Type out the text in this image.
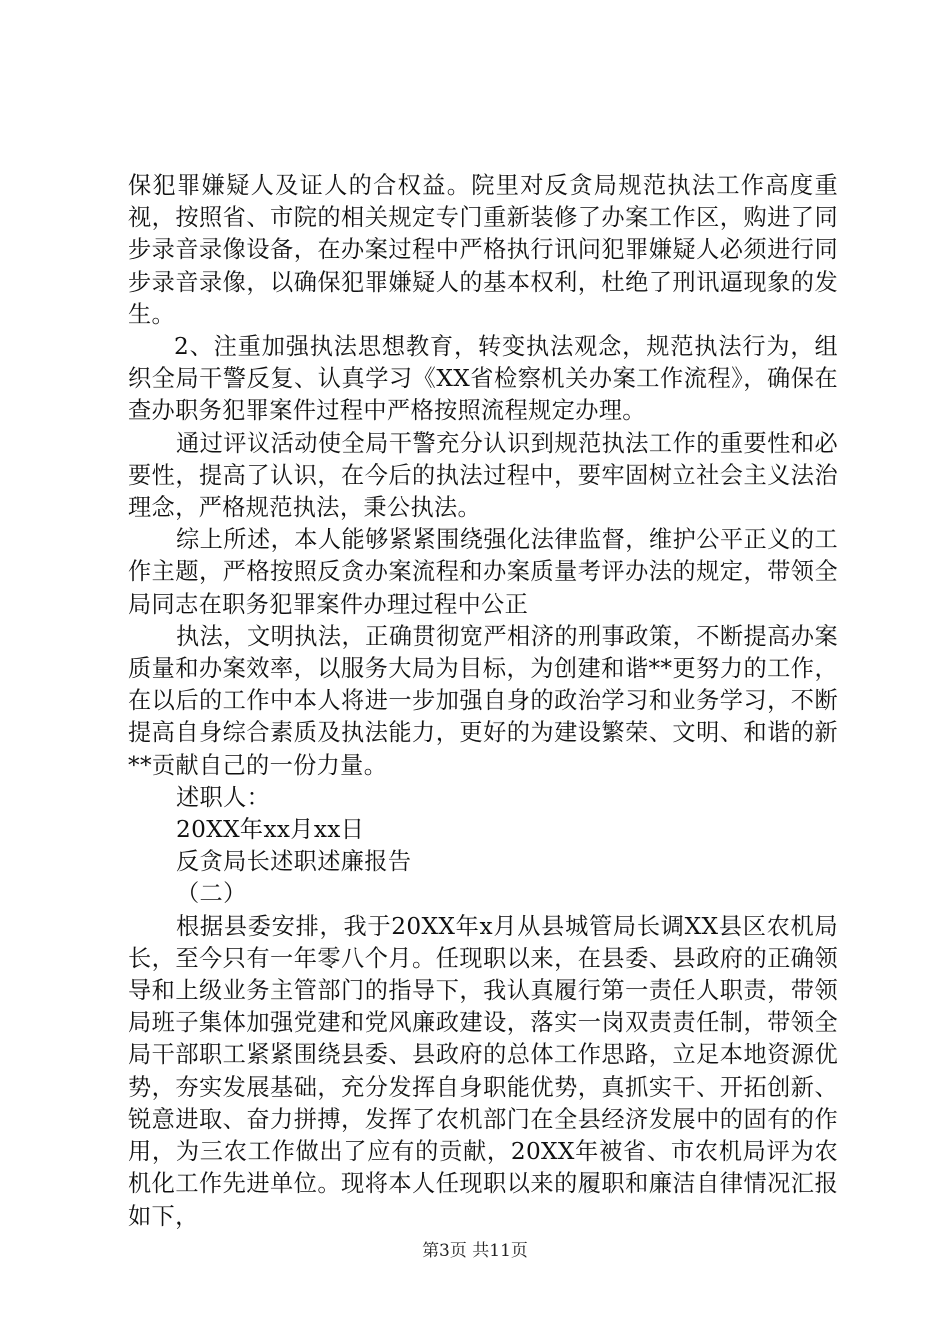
保犯罪嫌疑人及证人的合权益。院里对反贪局规范执法工作高度重视，按照省、市院的相关规定专门重新装修了办案工作区，购进了同步录音录像设备，在办案过程中严格执行讯问犯罪嫌疑人必须进行同步录音录像，以确保犯罪嫌疑人的基本权利，杜绝了刑讯逼现象的发生。

2、注重加强执法思想教育，转变执法观念，规范执法行为，组织全局干警反复、认真学习《XX省检察机关办案工作流程》，确保在查办职务犯罪案件过程中严格按照流程规定办理。

通过评议活动使全局干警充分认识到规范执法工作的重要性和必要性，提高了认识，在今后的执法过程中，要牢固树立社会主义法治理念，严格规范执法，秉公执法。

综上所述，本人能够紧紧围绕强化法律监督，维护公平正义的工作主题，严格按照反贪办案流程和办案质量考评办法的规定，带领全局同志在职务犯罪案件办理过程中公正

执法，文明执法，正确贯彻宽严相济的刑事政策，不断提高办案质量和办案效率，以服务大局为目标，为创建和谐**更努力的工作，在以后的工作中本人将进一步加强自身的政治学习和业务学习，不断提高自身综合素质及执法能力，更好的为建设繁荣、文明、和谐的新**贡献自己的一份力量。

述职人：

20XX年xx月xx日

反贪局长述职述廉报告

（二）

根据县委安排，我于20XX年x月从县城管局长调XX县区农机局长，至今只有一年零八个月。任现职以来，在县委、县政府的正确领导和上级业务主管部门的指导下，我认真履行第一责任人职责，带领局班子集体加强党建和党风廉政建设，落实一岗双责责任制，带领全局干部职工紧紧围绕县委、县政府的总体工作思路，立足本地资源优势，夯实发展基础，充分发挥自身职能优势，真抓实干、开拓创新、锐意进取、奋力拼搏，发挥了农机部门在全县经济发展中的固有的作用，为三农工作做出了应有的贡献，20XX年被省、市农机局评为农机化工作先进单位。现将本人任现职以来的履职和廉洁自律情况汇报如下，

第3页 共11页
